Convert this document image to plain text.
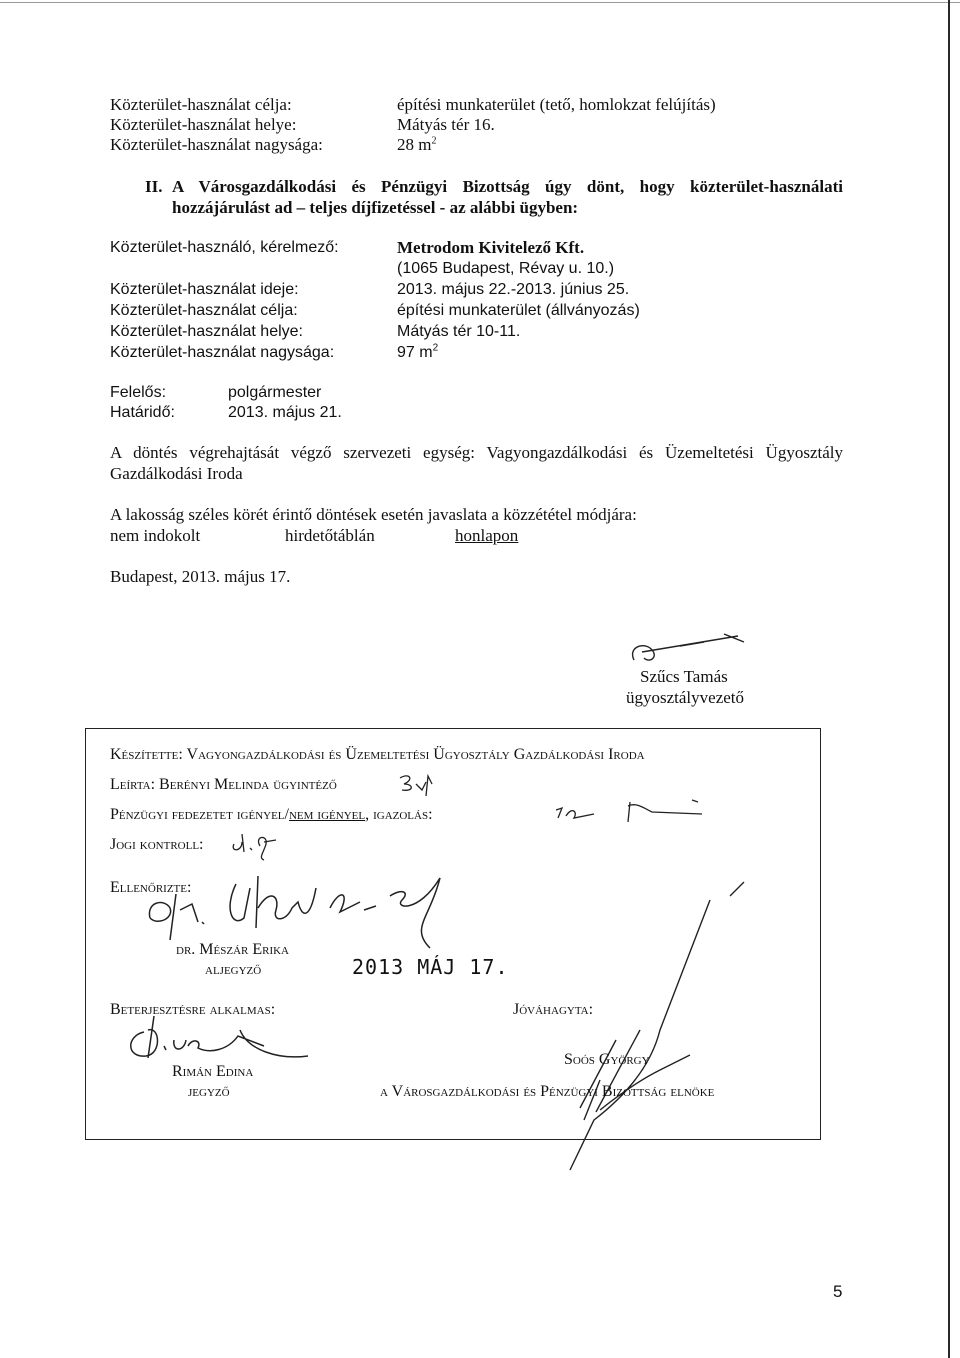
Közterület-használat célja:	építési munkaterület (tető, homlokzat felújítás)
Közterület-használat helye:	Mátyás tér 16.
Közterület-használat nagysága:	28 $m^2$
II. A Városgazdálkodási és Pénzügyi Bizottság úgy dönt, hogy közterület-használati
hozzájárulást ad – teljes díjfizetéssel - az alábbi ügyben:
Közterület-használó, kérelmező:	Metrodom Kivitelező Kft.
(1065 Budapest, Révay u. 10.)
Közterület-használat ideje:	2013. május 22.-2013. június 25.
Közterület-használat célja:	építési munkaterület (állványozás)
Közterület-használat helye:	Mátyás tér 10-11.
Közterület-használat nagysága:	97 $m^2$
Felelős:	polgármester
Határidő:	2013. május 21.
A döntés végrehajtását végző szervezeti egység: Vagyongazdálkodási és Üzemeltetési Ügyosztály
Gazdálkodási Iroda
A lakosság széles körét érintő döntések esetén javaslata a közzététel módjára:
nem indokolt	hirdetőtáblán	honlapon
Budapest, 2013. május 17.
Szűcs Tamás
ügyosztályvezető
Készítette: Vagyongazdálkodási és Üzemeltetési Ügyosztály Gazdálkodási Iroda
Leírta: Berényi Melinda ügyintéző
Pénzügyi fedezetet igényel/nem igényel, igazolás:
Jogi kontroll:
Ellenőrizte:
dr. Mészár Erika
aljegyző	2013 MÁJ 17.
Beterjesztésre alkalmas:
Rimán Edina
jegyző
Jóváhagyta:
Soós György
a Városgazdálkodási és Pénzügyi Bizottság elnöke
5
